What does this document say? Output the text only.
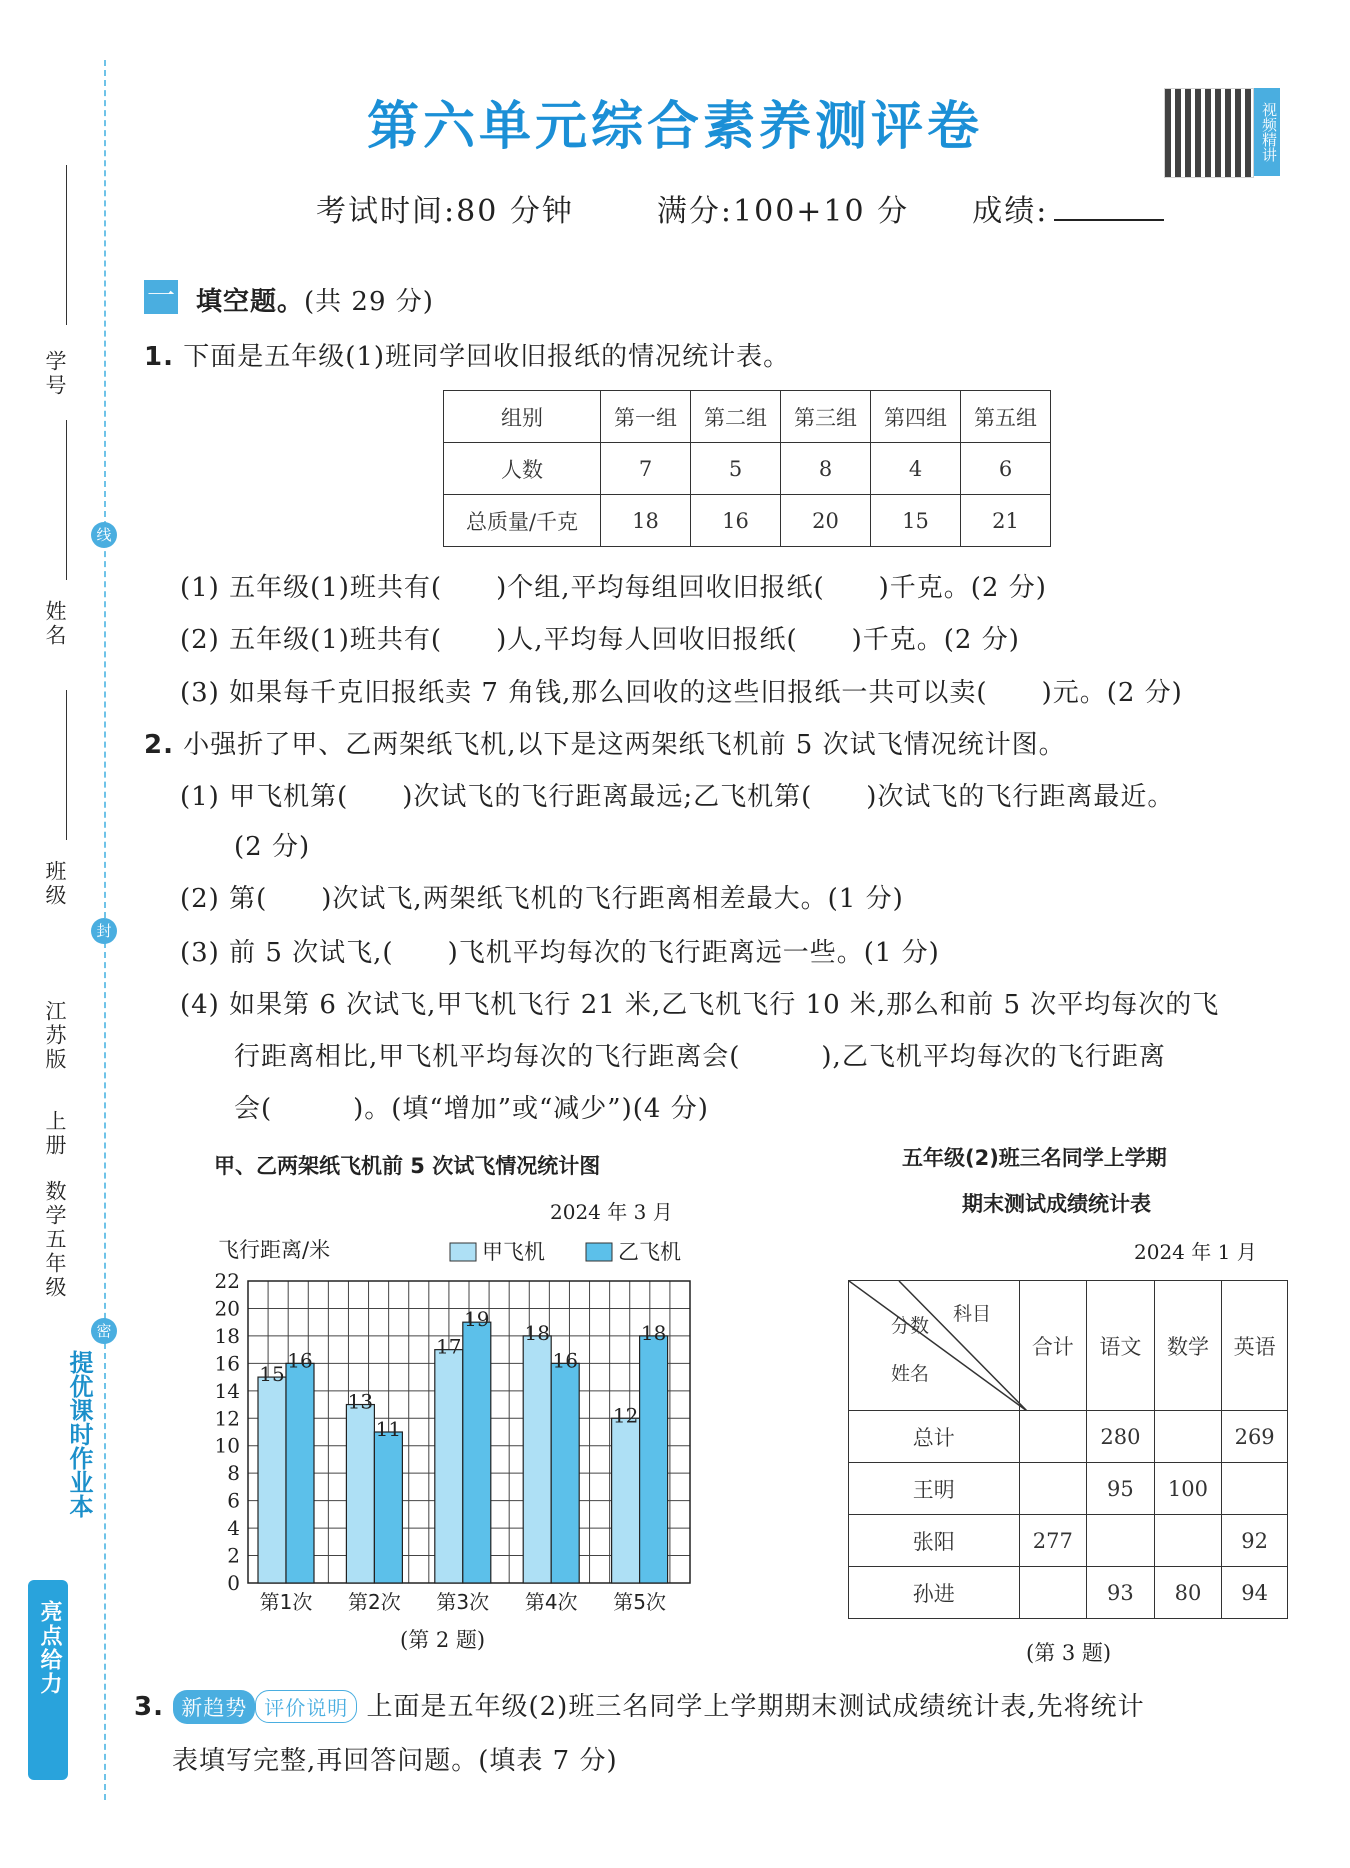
学号
线
姓名
班级
封
江苏版
上册
数学五年级
密
提优课时作业本
亮点给力
第六单元综合素养测评卷	视频精讲
考试时间:80 分钟	满分:100+10 分 成绩:
一 填空题。(共 29 分)
1. 下面是五年级(1)班同学回收旧报纸的情况统计表。
组别	第一组	第二组	第三组	第四组	第五组
人数	7	5	8	4	6
总质量/千克	18	16	20	15	21
(1) 五年级(1)班共有(　　)个组,平均每组回收旧报纸(　　)千克。(2 分)
(2) 五年级(1)班共有(　　)人,平均每人回收旧报纸(　　)千克。(2 分)
(3) 如果每千克旧报纸卖 7 角钱,那么回收的这些旧报纸一共可以卖(　　)元。(2 分)
2. 小强折了甲、乙两架纸飞机,以下是这两架纸飞机前 5 次试飞情况统计图。
(1) 甲飞机第(　　)次试飞的飞行距离最远;乙飞机第(　　)次试飞的飞行距离最近。
(2 分)
(2) 第(　　)次试飞,两架纸飞机的飞行距离相差最大。(1 分)
(3) 前 5 次试飞,(　　)飞机平均每次的飞行距离远一些。(1 分)
(4) 如果第 6 次试飞,甲飞机飞行 21 米,乙飞机飞行 10 米,那么和前 5 次平均每次的飞
行距离相比,甲飞机平均每次的飞行距离会(　　　),乙飞机平均每次的飞行距离
会(　　　)。(填“增加”或“减少”)(4 分)
甲、乙两架纸飞机前 5 次试飞情况统计图
2024 年 3 月
0
2
4
6
8
10
12
14
16
18
20
22
飞行距离/米	甲飞机	乙飞机
15
16
第1次
13
11
第2次
17
19
第3次
18
16
第4次
12
18
第5次
(第 2 题)
五年级(2)班三名同学上学期
期末测试成绩统计表
2024 年 1 月
科目
分数
姓名	合计	语文	数学	英语
总计		280		269
王明		95	100	
张阳	277			92
孙进		93	80	94
(第 3 题)
3. 新趋势 评价说明 上面是五年级(2)班三名同学上学期期末测试成绩统计表,先将统计
表填写完整,再回答问题。(填表 7 分)
